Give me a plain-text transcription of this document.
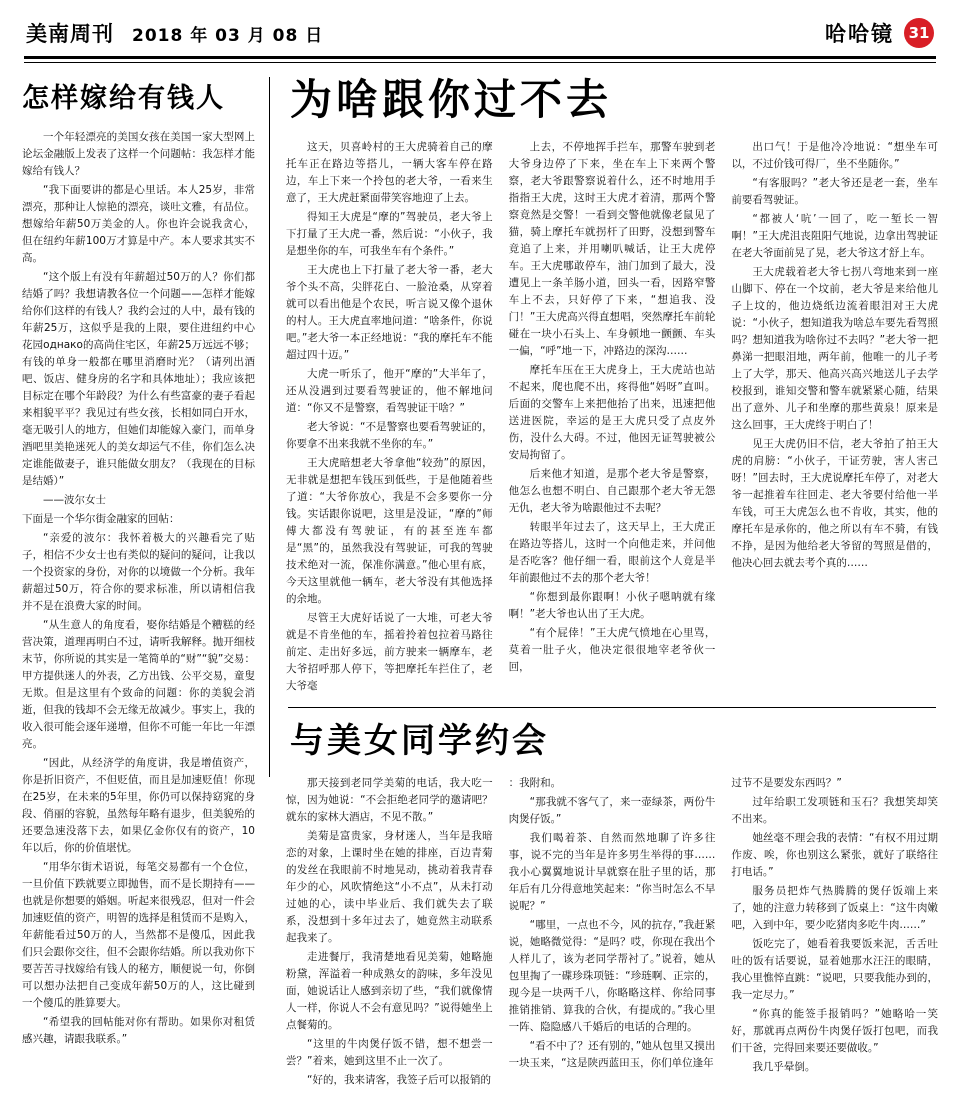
美南周刊 2018 年 03 月 08 日	哈哈镜 31
怎样嫁给有钱人

一个年轻漂亮的美国女孩在美国一家大型网上论坛金融版上发表了这样一个问题帖：我怎样才能嫁给有钱人？

“我下面要讲的都是心里话。本人25岁，非常漂亮，那种让人惊艳的漂亮，谈吐文雅，有品位。想嫁给年薪50万美金的人。你也许会说我贪心，但在纽约年薪100万才算是中产。本人要求其实不高。

“这个版上有没有年薪超过50万的人？你们都结婚了吗？我想请教各位一个问题——怎样才能嫁给你们这样的有钱人？我约会过的人中，最有钱的年薪25万，这似乎是我的上限，要住进纽约中心花园однако的高尚住宅区，年薪25万远远不够；有钱的单身一般都在哪里消磨时光？（请列出酒吧、饭店、健身房的名字和具体地址）；我应该把目标定在哪个年龄段？为什么有些富豪的妻子看起来相貌平平？我见过有些女孩，长相如同白开水，毫无吸引人的地方，但她们却能嫁入豪门，而单身酒吧里美艳迷死人的美女却运气不佳，你们怎么决定谁能做妻子，谁只能做女朋友？（我现在的目标是结婚）”

——波尔女士

下面是一个华尔街金融家的回帖：

“亲爱的波尔：我怀着极大的兴趣看完了贴子，相信不少女士也有类似的疑问的疑问，让我以一个投资家的身份，对你的以境做一个分析。我年薪超过50万，符合你的要求标准，所以请相信我并不是在浪费大家的时间。

“从生意人的角度看，娶你结婚是个糟糕的经营决策，道理再明白不过，请听我解释。抛开细枝末节，你所说的其实是一笔简单的“财”“貌”交易：甲方提供迷人的外表，乙方出钱、公平交易，童叟无欺。但是这里有个致命的问题：你的美貌会消逝，但我的钱却不会无缘无故减少。事实上，我的收入很可能会逐年递增，但你不可能一年比一年漂亮。

“因此，从经济学的角度讲，我是增值资产，你是折旧资产，不但贬值，而且是加速贬值！你现在25岁，在未来的5年里，你仍可以保持窈窕的身段、俏丽的容貌，虽然每年略有退步，但美貌殆的还要急速没落下去，如果亿金你仅有的资产，10年以后，你的价值堪忧。

“用华尔街术语说，每笔交易都有一个仓位，一旦价值下跌就要立即抛售，而不是长期持有——也就是你想要的婚姻。听起来很残忍，但对一件会加速贬值的资产，明智的选择是租赁而不是购入，年薪能看过50万的人，当然都不是傻瓜，因此我们只会跟你交往，但不会跟你结婚。所以我劝你下要苦苦寻找嫁给有钱人的秘方，顺便说一句，你倒可以想办法把自己变成年薪50万的人，这比碰到一个傻瓜的胜算要大。

“希望我的回帖能对你有帮助。如果你对租赁感兴趣，请跟我联系。”

为啥跟你过不去

这天，贝喜岭村的王大虎骑着自己的摩托车正在路边等搭儿，一辆大客车停在路边，车上下来一个拎包的老大爷，一看来生意了，王大虎赶紧面带笑容地迎了上去。

得知王大虎是“摩的”驾驶员，老大爷上下打量了王大虎一番，然后说：“小伙子，我是想坐你的车，可我坐车有个条件。”

王大虎也上下打量了老大爷一番，老大爷个头不高，尖胖花白、一脸沧桑，从穿着就可以看出他是个农民，听言说又像个退休的村人。王大虎直率地问道：“啥条件，你说吧。”老大爷一本正经地说：“我的摩托车不能超过四十迈。”

大虎一听乐了，他开“摩的”大半年了，还从没遇到过要看驾驶证的，他不解地问道：“你又不是警察，看驾驶证干啥？”

老大爷说：“不是警察也要看驾驶证的，你要拿不出来我就不坐你的车。”

王大虎暗想老大爷拿他“较劲”的原因，无非就是想把车钱压到低些，于是他随着些了道：“大爷你放心，我是不会多要你一分钱。实话跟你说吧，这里是没证，“摩的”师傅大都没有驾驶证，有的甚至连车都是“黑”的，虽然我没有驾驶证，可我的驾驶技术绝对一流，保准你满意。”他心里有底，今天这里就他一辆车，老大爷没有其他选择的余地。

尽管王大虎好话说了一大堆，可老大爷就是不肯坐他的车，摇着拎着包拉着马路往前定、走出好多远，前方驶来一辆摩车，老大爷招呼那人停下，等把摩托车拦住了，老大爷毫

上去，不停地挥手拦车，那警车驶到老大爷身边停了下来，坐在车上下来两个警察，老大爷跟警察说着什么，还不时地用手指指王大虎，这时王大虎才着清，那两个警察竟然是交警！一看到交警他就像老鼠见了猫，骑上摩托车就拐杆了田野，没想到警车竟追了上来，并用喇叭喊话，让王大虎停车。王大虎哪敢停车，油门加到了最大，没遭见上一条羊肠小道，回头一看，因路窄警车上不去，只好停了下来，“想追我、没门！”王大虎高兴得直想唱，突然摩托车前轮碰在一块小石头上、车身顿地一颤颤、车头一偏，“呼”地一下，冲路边的深沟……

摩托车压在王大虎身上，王大虎站也站不起来，爬也爬不出，疼得他“妈呀”直叫。后面的交警车上来把他抬了出来，迅速把他送进医院，幸运的是王大虎只受了点皮外伤，没什么大碍。不过，他因无证驾驶被公安局拘留了。

后来他才知道，是那个老大爷是警察，他怎么也想不明白、自己跟那个老大爷无怨无仇，老大爷为啥跟他过不去呢？

转眼半年过去了，这天早上，王大虎正在路边等搭儿，这时一个向他走来，并问他是否吃客？他仔细一看，眼前这个人竟是半年前跟他过不去的那个老大爷！

“你想到最你跟啊！小伙子嗯呐就有缘啊！”老大爷也认出了王大虎。

“有个屁倖！”王大虎气愤地在心里骂，莫着一肚子火，他决定很很地宰老爷伙一回，

出口气！于是他冷冷地说：“想坐车可以，不过价钱可得厂，坐不坐随你。”

“有客服吗？”老大爷还是老一套，坐车前要看驾驶证。

“都被人‘吭’一回了，吃一堑长一智啊！”王大虎沮丧阻阳气地说，边拿出驾驶证在老大爷面前晃了晃，老大爷这才舒上车。

王大虎载着老大爷七拐八弯地来到一座山脚下、停在一个坟前，老大爷是来给他儿子上坟的，他边烧纸边流着眼泪对王大虎说：“小伙子，想知道我为啥总车要先看驾照吗？想知道我为啥你过不去吗？”老大爷一把鼻涕一把眼泪地，两年前，他唯一的儿子考上了大学，那天、他高兴高兴地送儿子去学校报到，谁知交警和警车就紧紧心随，结果出了意外、儿子和坐摩的那些黄泉！原来是这么回事，王大虎终于明白了！

见王大虎仍旧不信，老大爷拍了拍王大虎的肩膀：“小伙子，干证劳驶，害人害己呀！”回去时，王大虎说摩托车停了，对老大爷一起推着车往回走、老大爷要付给他一半车钱，可王大虎怎么也不肯收，其实，他的摩托车是承你的，他之所以有车不骑，有钱不挣，是因为他给老大爷留的驾照是借的，他决心回去就去考个真的……

与美女同学约会

那天接到老同学美菊的电话，我大吃一惊，因为她说：“不会拒绝老同学的邀请吧？就东的家林大酒店，不见不散。”

美菊是富贵家，身材迷人，当年是我暗恋的对象，上课时坐在她的排座，百边青菊的发丝在我眼前不时地晃动，挑动着我青春年少的心，风吹情绝这“小不点”，从未打动过她的心，读中毕业后、我们就失去了联系，没想到十多年过去了，她竟然主动联系起我来了。

走进餐厅，我清楚地看见美菊，她略施粉黛，浑溢着一种成熟女的韵味，多年没见面，她说话让人感到亲切了些，“我们就像情人一样，你说人不会有意见吗？”说得她坐上点餐菊的。

“这里的牛肉煲仔饭不错，想不想尝一尝？”着来，她到这里不止一次了。

“好的，我来请客，我签子后可以报销的

：我附和。

“那我就不客气了，来一壶绿茶，两份牛肉煲仔饭。”

我们喝着茶、自然而然地聊了许多往事，说不完的当年是许多男生举得的事……我小心翼翼地说计早就察在肚子里的话，那年后有几分得意地笑起来：“你当时怎么不早说呢？”

“哪里，一点也不今，风的抗存，”我赶紧说，她略微觉得：“是吗？哎，你现在我出个人样儿了，该为老同学帮衬了。”说着，她从包里掏了一碟珍珠项链：“珍琏啊、正宗的，现今是一块两千八，你略略这样、你给同事推销推销、算我的合伙，有提成的。”我心里一阵、隐隐感八千婚后的电话的合理的。

“看不中了？还有别的，”她从包里又摸出一块玉来，“这是陕西蓝田玉，你们单位逢年

过节不是要发东西吗？”

过年给职工发项链和玉石？我想笑却笑不出来。

她丝毫不理会我的表情：“有权不用过期作废、唉，你也别这么紧张，就好了联络往打电话。”

服务员把炸气热腾腾的煲仔饭端上来了，她的注意力转移到了饭桌上：“这牛肉嫩吧，入到中年，要少吃猪肉多吃牛肉……”

饭吃完了，她看着我要饭来泥，舌舌吐吐的饭有话要说，显着她那水汪汪的眼睛，我心里憔悴直跳：“说吧，只要我能办到的，我一定尽力。”

“你真的能签手报销吗？”她略哈一笑好，那就再点两份牛肉煲仔饭打包吧，而我们干爸，完得回来要还要做收。”

我几乎晕倒。
